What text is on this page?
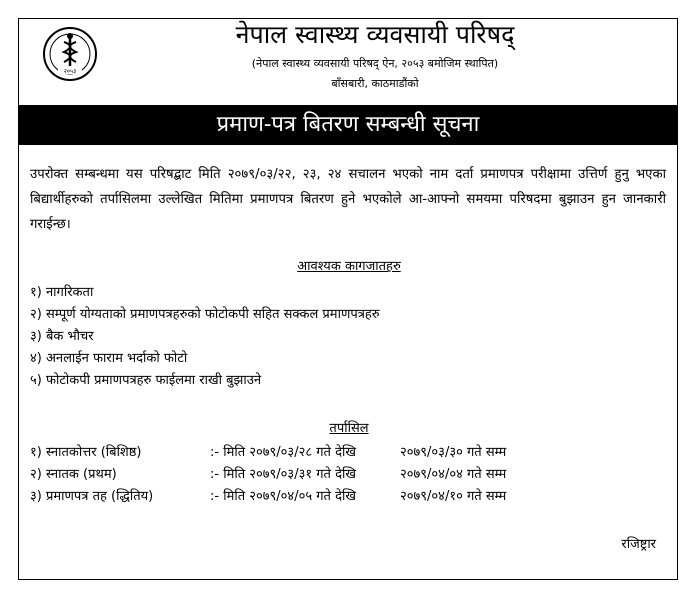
२०५३
नेपाल स्वास्थ्य व्यवसायी परिषद्
(नेपाल स्वास्थ्य व्यवसायी परिषद् ऐन, २०५३ बमोजिम स्थापित)
बाँसबारी, काठमाडौंको
प्रमाण-पत्र बितरण सम्बन्धी सूचना
उपरोक्त सम्बन्धमा यस परिषद्बाट मिति २०७९/०३/२२, २३, २४ सचालन भएको नाम दर्ता प्रमाणपत्र परीक्षामा उत्तिर्ण हुनु भएका बिद्यार्थीहरुको तर्पासिलमा उल्लेखित मितिमा प्रमाणपत्र बितरण हुने भएकोले आ-आफ्नो समयमा परिषदमा बुझाउन हुन जानकारी गराईन्छ।
आवश्यक कागजातहरु
१) नागरिकता
२) सम्पूर्ण योग्यताको प्रमाणपत्रहरुको फोटोकपी सहित सक्कल प्रमाणपत्रहरु
३) बैक भौचर
४) अनलाईन फाराम भर्दाको फोटो
५) फोटोकपी प्रमाणपत्रहरु फाईलमा राखी बुझाउने
तर्पासिल
१) स्नातकोत्तर (बिशिष्ठ)	:- मिति २०७९/०३/२८ गते देखि	२०७९/०३/३० गते सम्म
२) स्नातक (प्रथम)	:- मिति २०७९/०३/३१ गते देखि	२०७९/०४/०४ गते सम्म
३) प्रमाणपत्र तह (द्धितिय)	:- मिति २०७९/०४/०५ गते देखि	२०७९/०४/१० गते सम्म
रजिष्ट्रार
